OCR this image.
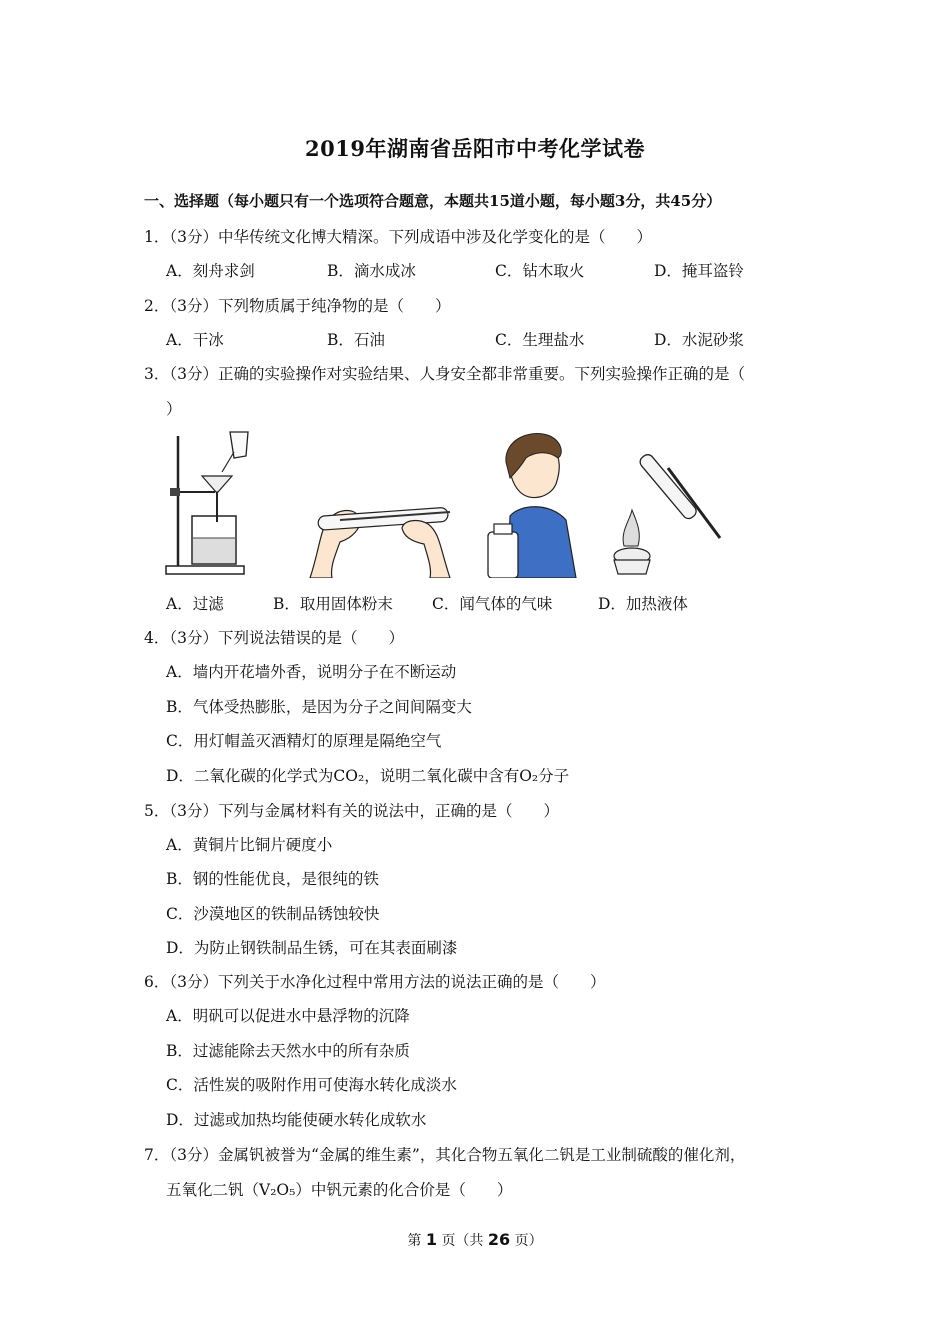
2019年湖南省岳阳市中考化学试卷
一、选择题（每小题只有一个选项符合题意，本题共15道小题，每小题3分，共45分）
1．（3分）中华传统文化博大精深。下列成语中涉及化学变化的是（　　）
A．刻舟求剑	B．滴水成冰	C．钻木取火	D．掩耳盗铃
2．（3分）下列物质属于纯净物的是（　　）
A．干冰	B．石油	C．生理盐水	D．水泥砂浆
3．（3分）正确的实验操作对实验结果、人身安全都非常重要。下列实验操作正确的是（
）
A．过滤	B．取用固体粉末	C．闻气体的气味	D．加热液体
4．（3分）下列说法错误的是（　　）
A．墙内开花墙外香，说明分子在不断运动
B．气体受热膨胀，是因为分子之间间隔变大
C．用灯帽盖灭酒精灯的原理是隔绝空气
D．二氧化碳的化学式为CO₂，说明二氧化碳中含有O₂分子
5．（3分）下列与金属材料有关的说法中，正确的是（　　）
A．黄铜片比铜片硬度小
B．钢的性能优良，是很纯的铁
C．沙漠地区的铁制品锈蚀较快
D．为防止钢铁制品生锈，可在其表面刷漆
6．（3分）下列关于水净化过程中常用方法的说法正确的是（　　）
A．明矾可以促进水中悬浮物的沉降
B．过滤能除去天然水中的所有杂质
C．活性炭的吸附作用可使海水转化成淡水
D．过滤或加热均能使硬水转化成软水
7．（3分）金属钒被誉为“金属的维生素”，其化合物五氧化二钒是工业制硫酸的催化剂，
五氧化二钒（V₂O₅）中钒元素的化合价是（　　）
第 1 页（共 26 页）
